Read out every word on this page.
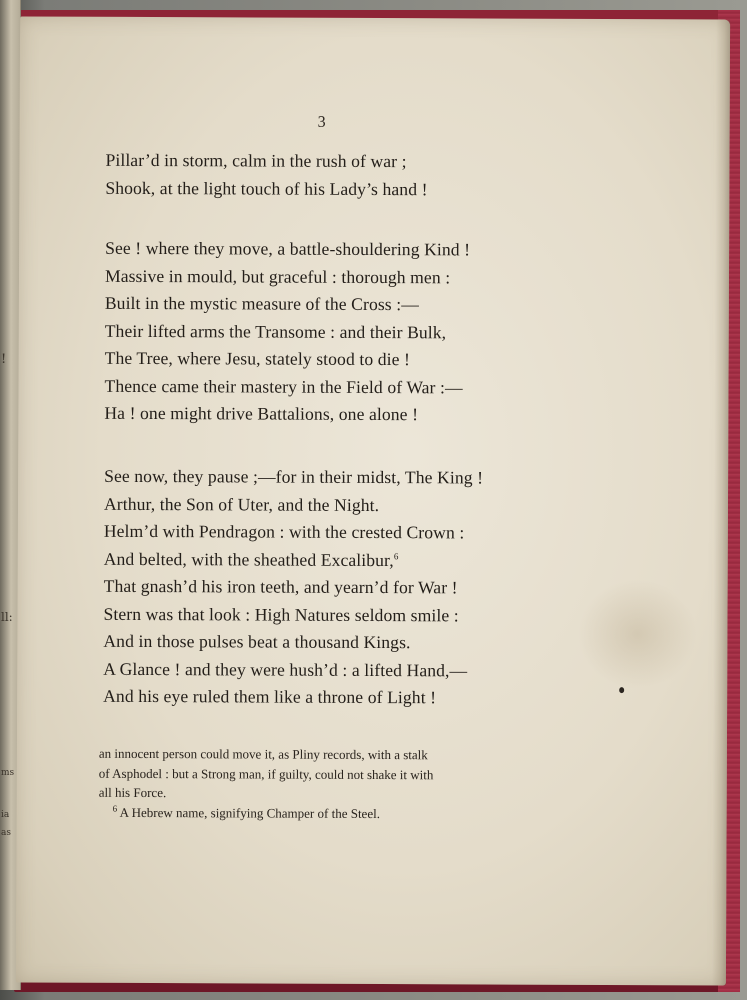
!
ll:
ms
ia
as
3
Pillar’d in storm, calm in the rush of war ;
Shook, at the light touch of his Lady’s hand !
See ! where they move, a battle-shouldering Kind !
Massive in mould, but graceful : thorough men :
Built in the mystic measure of the Cross :—
Their lifted arms the Transome : and their Bulk,
The Tree, where Jesu, stately stood to die !
Thence came their mastery in the Field of War :—
Ha ! one might drive Battalions, one alone !
See now, they pause ;—for in their midst, The King !
Arthur, the Son of Uter, and the Night.
Helm’d with Pendragon : with the crested Crown :
And belted, with the sheathed Excalibur,$^6$
That gnash’d his iron teeth, and yearn’d for War !
Stern was that look : High Natures seldom smile :
And in those pulses beat a thousand Kings.
A Glance ! and they were hush’d : a lifted Hand,—
And his eye ruled them like a throne of Light !
an innocent person could move it, as Pliny records, with a stalk
of Asphodel : but a Strong man, if guilty, could not shake it with
all his Force.
$^6$ A Hebrew name, signifying Champer of the Steel.
